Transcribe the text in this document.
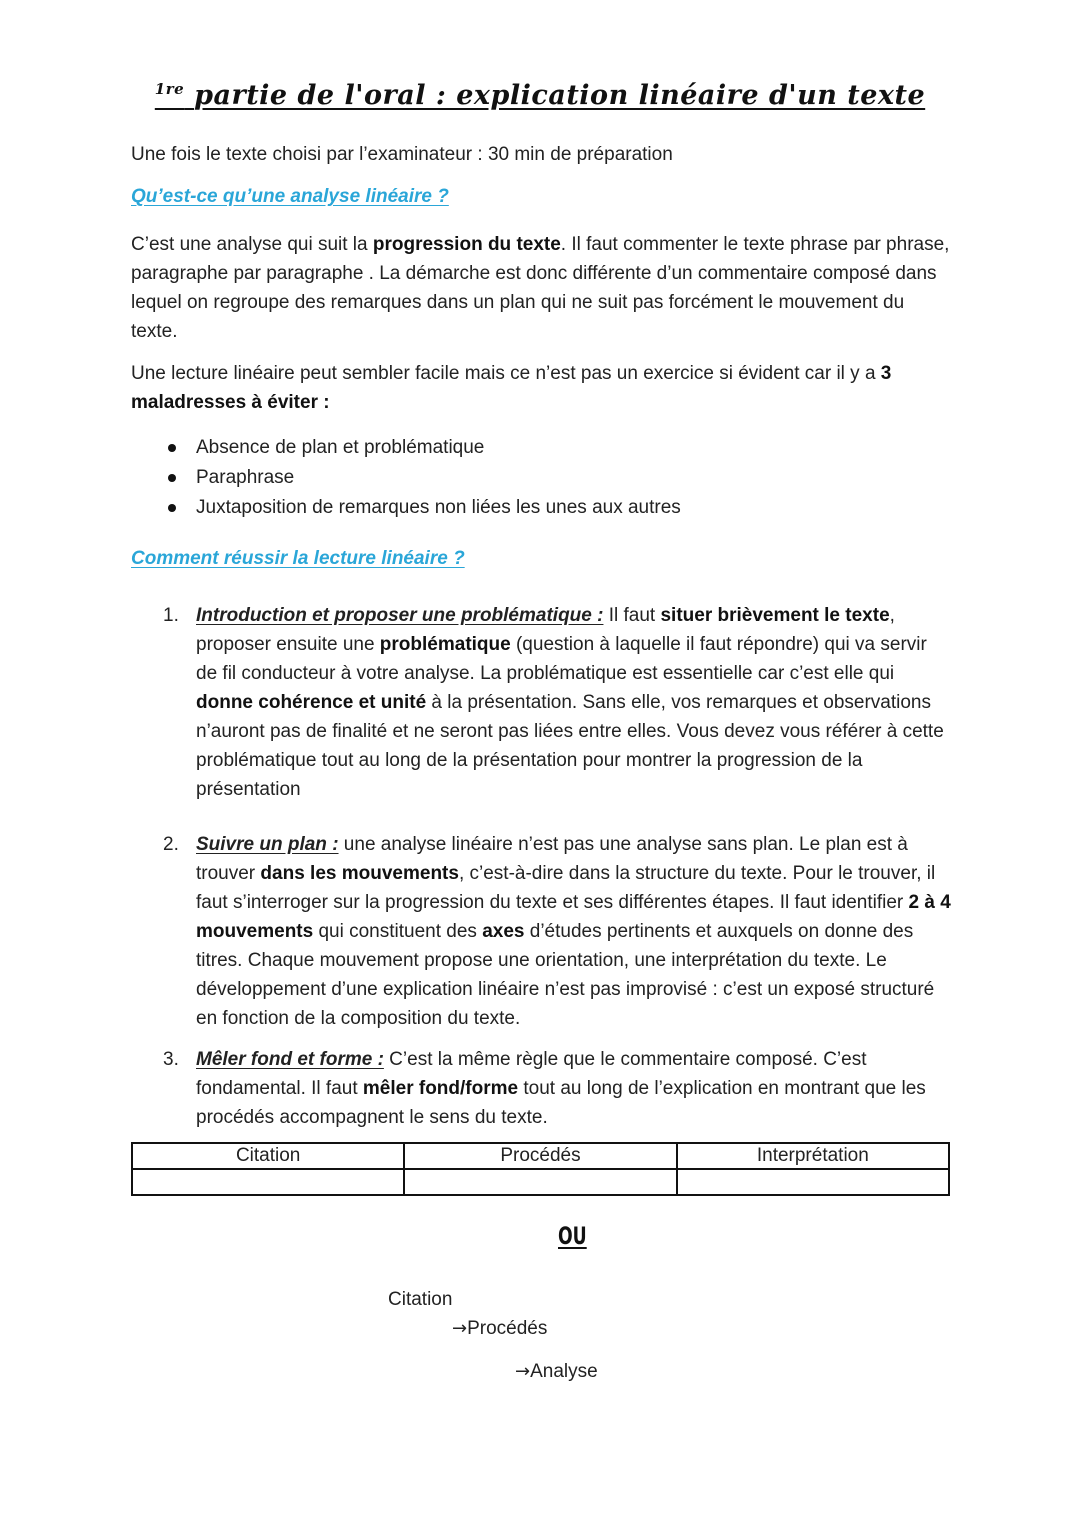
$^{1re}$ partie de l'oral : explication linéaire d'un texte
Une fois le texte choisi par l’examinateur : 30 min de préparation
Qu’est-ce qu’une analyse linéaire ?
C’est une analyse qui suit la progression du texte. Il faut commenter le texte phrase par phrase, paragraphe par paragraphe . La démarche est donc différente d’un commentaire composé dans lequel on regroupe des remarques dans un plan qui ne suit pas forcément le mouvement du texte.
Une lecture linéaire peut sembler facile mais ce n’est pas un exercice si évident car il y a 3 maladresses à éviter :
Absence de plan et problématique
Paraphrase
Juxtaposition de remarques non liées les unes aux autres
Comment réussir la lecture linéaire ?
1. Introduction et proposer une problématique : Il faut situer brièvement le texte, proposer ensuite une problématique (question à laquelle il faut répondre) qui va servir de fil conducteur à votre analyse. La problématique est essentielle car c’est elle qui donne cohérence et unité à la présentation. Sans elle, vos remarques et observations n’auront pas de finalité et ne seront pas liées entre elles. Vous devez vous référer à cette problématique tout au long de la présentation pour montrer la progression de la présentation
2. Suivre un plan : une analyse linéaire n’est pas une analyse sans plan. Le plan est à trouver dans les mouvements, c’est-à-dire dans la structure du texte. Pour le trouver, il faut s’interroger sur la progression du texte et ses différentes étapes. Il faut identifier 2 à 4 mouvements qui constituent des axes d’études pertinents et auxquels on donne des titres. Chaque mouvement propose une orientation, une interprétation du texte. Le développement d’une explication linéaire n’est pas improvisé : c’est un exposé structuré en fonction de la composition du texte.
3. Mêler fond et forme : C’est la même règle que le commentaire composé. C’est fondamental. Il faut mêler fond/forme tout au long de l’explication en montrant que les procédés accompagnent le sens du texte.
Citation	Procédés	Interprétation

OU
Citation
→Procédés
→Analyse
